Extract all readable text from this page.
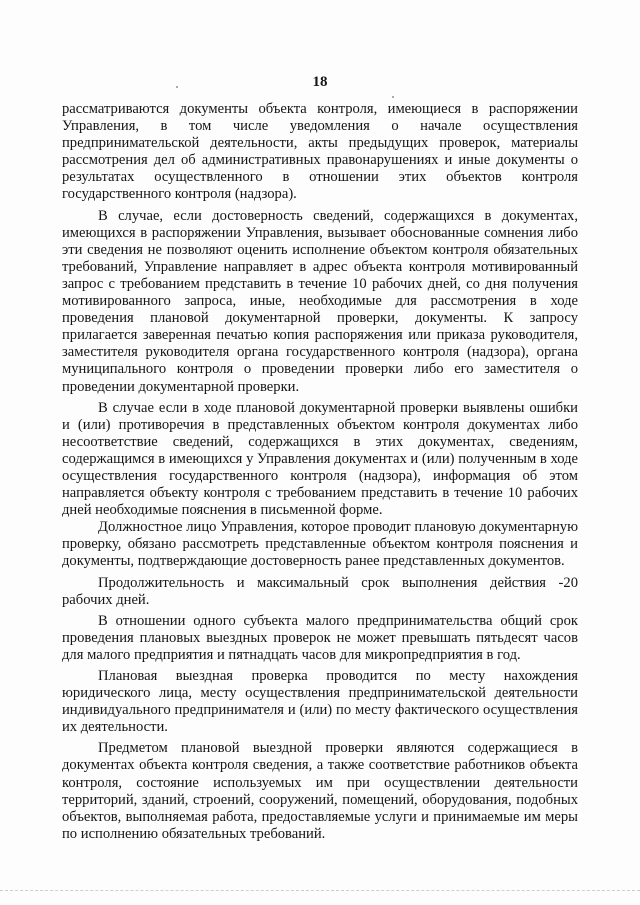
18

рассматриваются документы объекта контроля, имеющиеся в распоряжении Управления, в том числе уведомления о начале осуществления предпринимательской деятельности, акты предыдущих проверок, материалы рассмотрения дел об административных правонарушениях и иные документы о результатах осуществленного в отношении этих объектов контроля государственного контроля (надзора).

В случае, если достоверность сведений, содержащихся в документах, имеющихся в распоряжении Управления, вызывает обоснованные сомнения либо эти сведения не позволяют оценить исполнение объектом контроля обязательных требований, Управление направляет в адрес объекта контроля мотивированный запрос с требованием представить в течение 10 рабочих дней, со дня получения мотивированного запроса, иные, необходимые для рассмотрения в ходе проведения плановой документарной проверки, документы. К запросу прилагается заверенная печатью копия распоряжения или приказа руководителя, заместителя руководителя органа государственного контроля (надзора), органа муниципального контроля о проведении проверки либо его заместителя о проведении документарной проверки.

В случае если в ходе плановой документарной проверки выявлены ошибки и (или) противоречия в представленных объектом контроля документах либо несоответствие сведений, содержащихся в этих документах, сведениям, содержащимся в имеющихся у Управления документах и (или) полученным в ходе осуществления государственного контроля (надзора), информация об этом направляется объекту контроля с требованием представить в течение 10 рабочих дней необходимые пояснения в письменной форме.

Должностное лицо Управления, которое проводит плановую документарную проверку, обязано рассмотреть представленные объектом контроля пояснения и документы, подтверждающие достоверность ранее представленных документов.

Продолжительность и максимальный срок выполнения действия -20 рабочих дней.

В отношении одного субъекта малого предпринимательства общий срок проведения плановых выездных проверок не может превышать пятьдесят часов для малого предприятия и пятнадцать часов для микропредприятия в год.

Плановая выездная проверка проводится по месту нахождения юридического лица, месту осуществления предпринимательской деятельности индивидуального предпринимателя и (или) по месту фактического осуществления их деятельности.

Предметом плановой выездной проверки являются содержащиеся в документах объекта контроля сведения, а также соответствие работников объекта контроля, состояние используемых им при осуществлении деятельности территорий, зданий, строений, сооружений, помещений, оборудования, подобных объектов, выполняемая работа, предоставляемые услуги и принимаемые им меры по исполнению обязательных требований.
